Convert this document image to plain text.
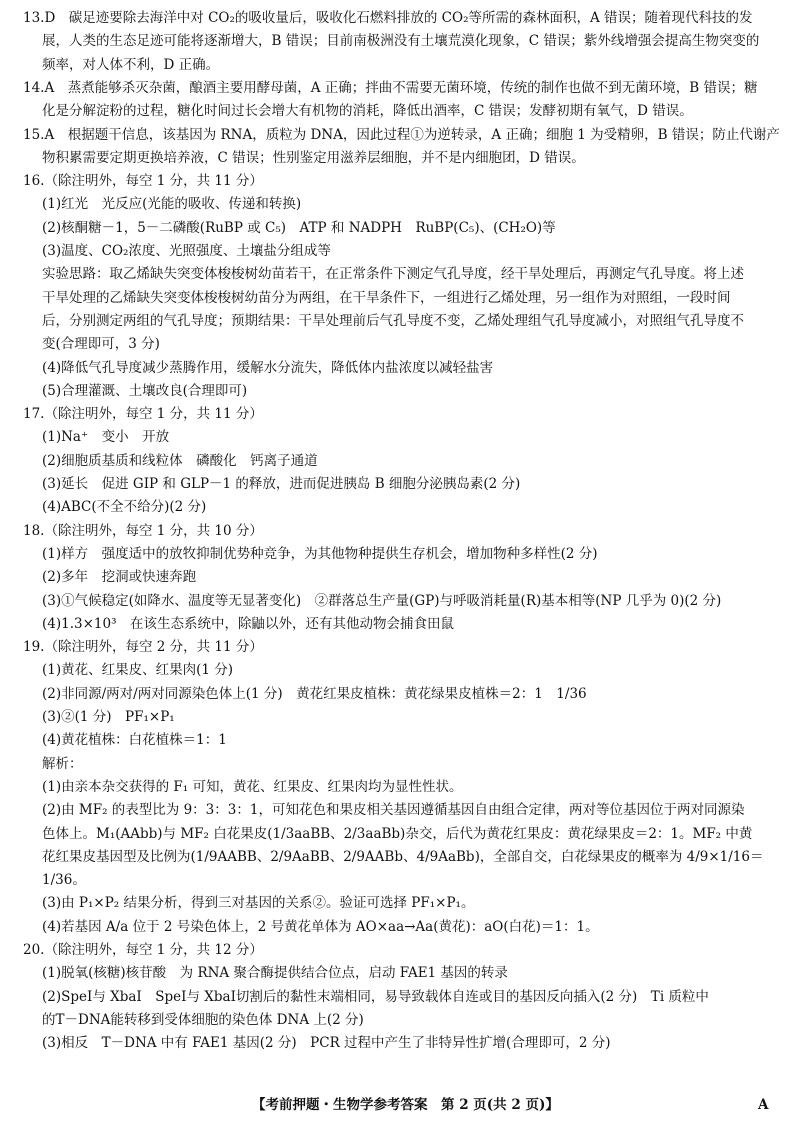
13.D　碳足迹要除去海洋中对 CO₂的吸收量后，吸收化石燃料排放的 CO₂等所需的森林面积，A 错误；随着现代科技的发
展，人类的生态足迹可能将逐渐增大，B 错误；目前南极洲没有土壤荒漠化现象，C 错误；紫外线增强会提高生物突变的
频率，对人体不利，D 正确。
14.A　蒸煮能够杀灭杂菌，酿酒主要用酵母菌，A 正确；拌曲不需要无菌环境，传统的制作也做不到无菌环境，B 错误；糖
化是分解淀粉的过程，糖化时间过长会增大有机物的消耗，降低出酒率，C 错误；发酵初期有氧气，D 错误。
15.A　根据题干信息，该基因为 RNA，质粒为 DNA，因此过程①为逆转录，A 正确；细胞 1 为受精卵，B 错误；防止代谢产
物积累需要定期更换培养液，C 错误；性别鉴定用滋养层细胞，并不是内细胞团，D 错误。
16.（除注明外，每空 1 分，共 11 分）
(1)红光　光反应(光能的吸收、传递和转换)
(2)核酮糖－1，5－二磷酸(RuBP 或 C₅)　ATP 和 NADPH　RuBP(C₅)、(CH₂O)等
(3)温度、CO₂浓度、光照强度、土壤盐分组成等
实验思路：取乙烯缺失突变体梭梭树幼苗若干，在正常条件下测定气孔导度，经干旱处理后，再测定气孔导度。将上述
干旱处理的乙烯缺失突变体梭梭树幼苗分为两组，在干旱条件下，一组进行乙烯处理，另一组作为对照组，一段时间
后，分别测定两组的气孔导度；预期结果：干旱处理前后气孔导度不变，乙烯处理组气孔导度减小，对照组气孔导度不
变(合理即可，3 分)
(4)降低气孔导度减少蒸腾作用，缓解水分流失，降低体内盐浓度以减轻盐害
(5)合理灌溉、土壤改良(合理即可)
17.（除注明外，每空 1 分，共 11 分）
(1)Na⁺　变小　开放
(2)细胞质基质和线粒体　磷酸化　钙离子通道
(3)延长　促进 GIP 和 GLP－1 的释放，进而促进胰岛 B 细胞分泌胰岛素(2 分)
(4)ABC(不全不给分)(2 分)
18.（除注明外，每空 1 分，共 10 分）
(1)样方　强度适中的放牧抑制优势种竞争，为其他物种提供生存机会，增加物种多样性(2 分)
(2)多年　挖洞或快速奔跑
(3)①气候稳定(如降水、温度等无显著变化)　②群落总生产量(GP)与呼吸消耗量(R)基本相等(NP 几乎为 0)(2 分)
(4)1.3×10³　在该生态系统中，除鼬以外，还有其他动物会捕食田鼠
19.（除注明外，每空 2 分，共 11 分）
(1)黄花、红果皮、红果肉(1 分)
(2)非同源/两对/两对同源染色体上(1 分)　黄花红果皮植株：黄花绿果皮植株＝2：1　1/36
(3)②(1 分)　PF₁×P₁
(4)黄花植株：白花植株＝1：1
解析：
(1)由亲本杂交获得的 F₁ 可知，黄花、红果皮、红果肉均为显性性状。
(2)由 MF₂ 的表型比为 9：3：3：1，可知花色和果皮相关基因遵循基因自由组合定律，两对等位基因位于两对同源染
色体上。M₁(AAbb)与 MF₂ 白花果皮(1/3aaBB、2/3aaBb)杂交，后代为黄花红果皮：黄花绿果皮＝2：1。MF₂ 中黄
花红果皮基因型及比例为(1/9AABB、2/9AaBB、2/9AABb、4/9AaBb)，全部自交，白花绿果皮的概率为 4/9×1/16＝
1/36。
(3)由 P₁×P₂ 结果分析，得到三对基因的关系②。验证可选择 PF₁×P₁。
(4)若基因 A/a 位于 2 号染色体上，2 号黄花单体为 AO×aa→Aa(黄花)：aO(白花)＝1：1。
20.（除注明外，每空 1 分，共 12 分）
(1)脱氧(核糖)核苷酸　为 RNA 聚合酶提供结合位点，启动 FAE1 基因的转录
(2)SpeⅠ与 XbaⅠ　SpeⅠ与 XbaⅠ切割后的黏性末端相同，易导致载体自连或目的基因反向插入(2 分)　Ti 质粒中
的T－DNA能转移到受体细胞的染色体 DNA 上(2 分)
(3)相反　T－DNA 中有 FAE1 基因(2 分)　PCR 过程中产生了非特异性扩增(合理即可，2 分)
【考前押题・生物学参考答案　第 2 页(共 2 页)】	A
